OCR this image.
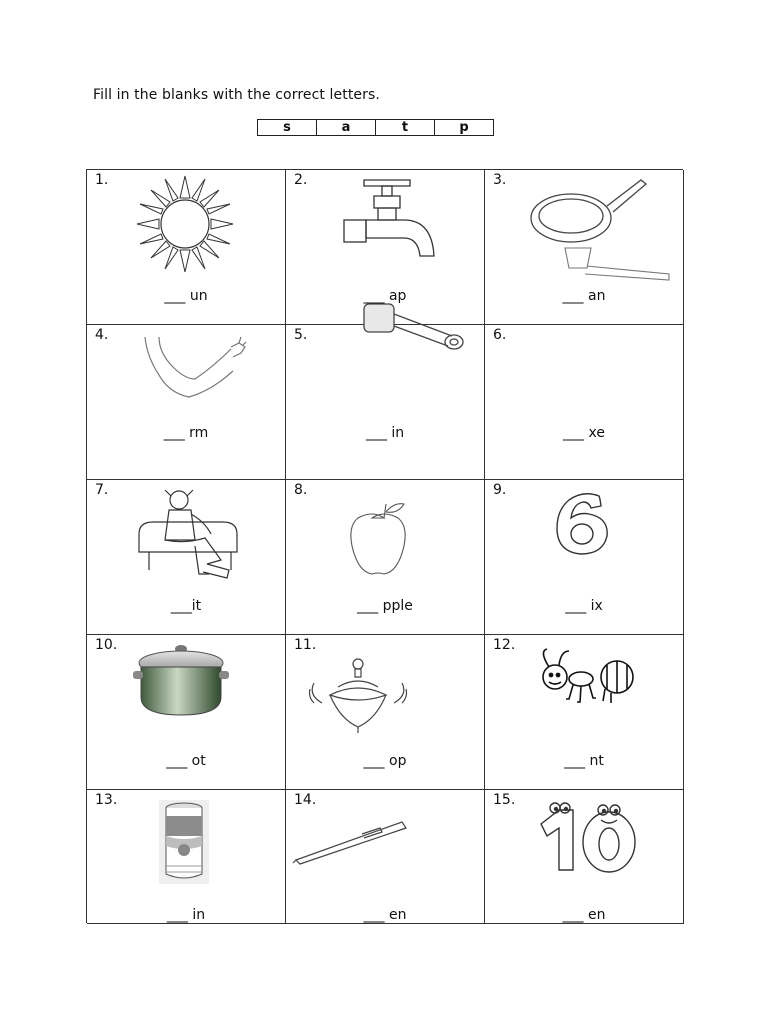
Fill in the blanks with the correct letters.
s	a	t	p
1.
___ un
2.
___ ap
3.
___ an
4.
___ rm
5.
___ in
6.
___ xe
7.
___it
8.
___ pple
9.
___ ix
10.
___ ot
11.
___ op
12.
___ nt
13.
___ in
14.
___ en
15.
___ en
